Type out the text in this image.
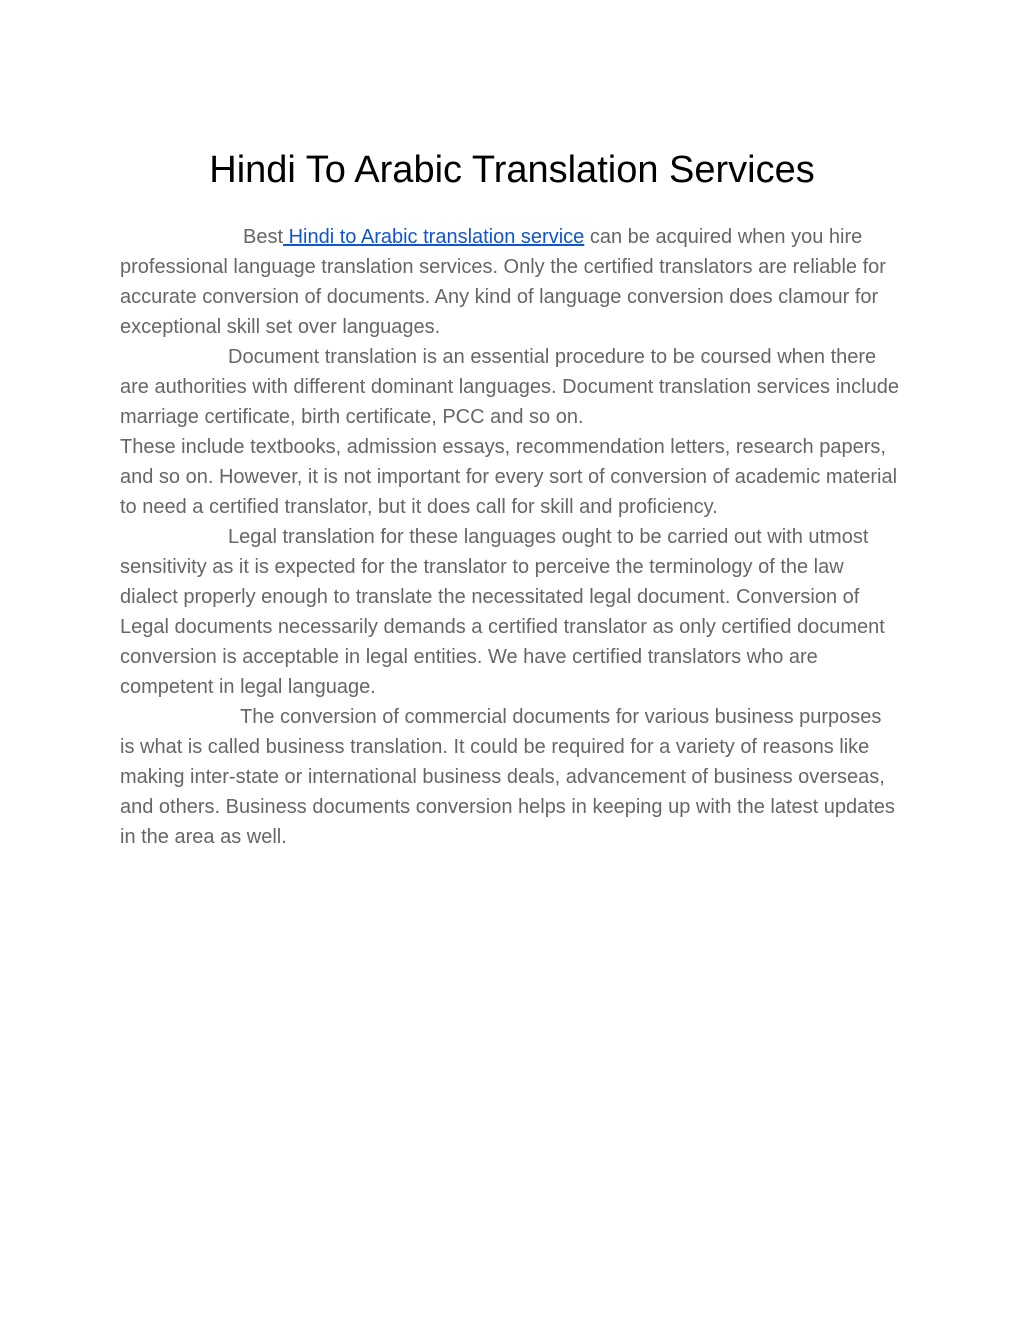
Hindi To Arabic Translation Services

Best Hindi to Arabic translation service can be acquired when you hire professional language translation services. Only the certified translators are reliable for accurate conversion of documents. Any kind of language conversion does clamour for exceptional skill set over languages.

Document translation is an essential procedure to be coursed when there are authorities with different dominant languages. Document translation services include marriage certificate, birth certificate, PCC and so on.

These include textbooks, admission essays, recommendation letters, research papers, and so on. However, it is not important for every sort of conversion of academic material to need a certified translator, but it does call for skill and proficiency.

Legal translation for these languages ought to be carried out with utmost sensitivity as it is expected for the translator to perceive the terminology of the law dialect properly enough to translate the necessitated legal document. Conversion of Legal documents necessarily demands a certified translator as only certified document conversion is acceptable in legal entities. We have certified translators who are competent in legal language.

The conversion of commercial documents for various business purposes is what is called business translation. It could be required for a variety of reasons like making inter-state or international business deals, advancement of business overseas, and others. Business documents conversion helps in keeping up with the latest updates in the area as well.
